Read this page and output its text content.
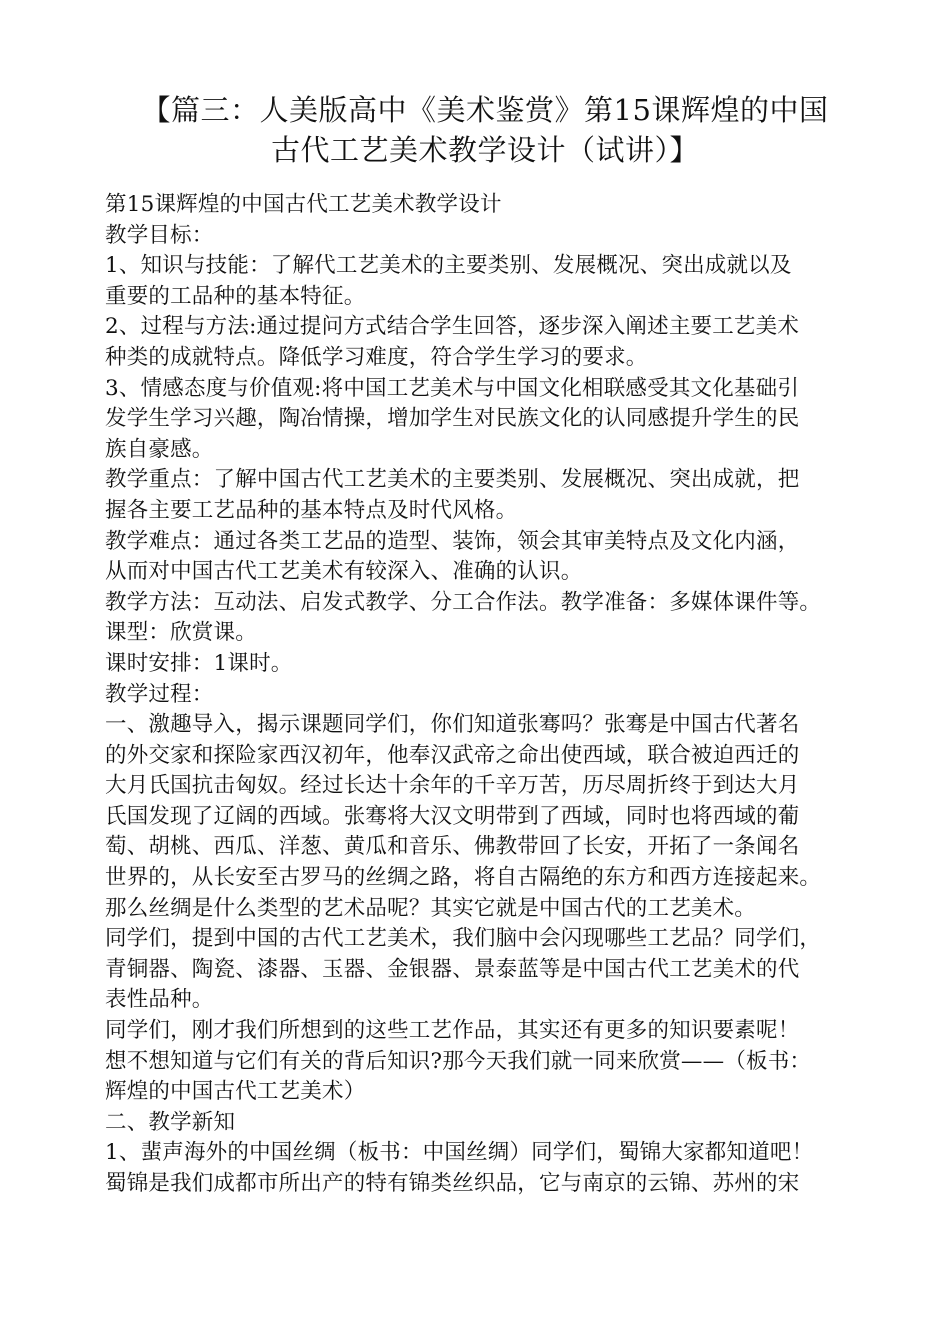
【篇三：人美版高中《美术鉴赏》第15课辉煌的中国
古代工艺美术教学设计（试讲）】
第15课辉煌的中国古代工艺美术教学设计
教学目标：
1、知识与技能：了解代工艺美术的主要类别、发展概况、突出成就以及
重要的工品种的基本特征。
2、过程与方法:通过提问方式结合学生回答，逐步深入阐述主要工艺美术
种类的成就特点。降低学习难度，符合学生学习的要求。
3、情感态度与价值观:将中国工艺美术与中国文化相联感受其文化基础引
发学生学习兴趣，陶冶情操，增加学生对民族文化的认同感提升学生的民
族自豪感。
教学重点：了解中国古代工艺美术的主要类别、发展概况、突出成就，把
握各主要工艺品种的基本特点及时代风格。
教学难点：通过各类工艺品的造型、装饰，领会其审美特点及文化内涵，
从而对中国古代工艺美术有较深入、准确的认识。
教学方法：互动法、启发式教学、分工合作法。教学准备：多媒体课件等。
课型：欣赏课。
课时安排：1课时。
教学过程：
一、激趣导入，揭示课题同学们，你们知道张骞吗？张骞是中国古代著名
的外交家和探险家西汉初年，他奉汉武帝之命出使西域，联合被迫西迁的
大月氏国抗击匈奴。经过长达十余年的千辛万苦，历尽周折终于到达大月
氏国发现了辽阔的西域。张骞将大汉文明带到了西域，同时也将西域的葡
萄、胡桃、西瓜、洋葱、黄瓜和音乐、佛教带回了长安，开拓了一条闻名
世界的，从长安至古罗马的丝绸之路，将自古隔绝的东方和西方连接起来。
那么丝绸是什么类型的艺术品呢？其实它就是中国古代的工艺美术。
同学们，提到中国的古代工艺美术，我们脑中会闪现哪些工艺品？同学们，
青铜器、陶瓷、漆器、玉器、金银器、景泰蓝等是中国古代工艺美术的代
表性品种。
同学们，刚才我们所想到的这些工艺作品，其实还有更多的知识要素呢！
想不想知道与它们有关的背后知识?那今天我们就一同来欣赏——（板书：
辉煌的中国古代工艺美术）
二、教学新知
1、蜚声海外的中国丝绸（板书：中国丝绸）同学们，蜀锦大家都知道吧！
蜀锦是我们成都市所出产的特有锦类丝织品，它与南京的云锦、苏州的宋
